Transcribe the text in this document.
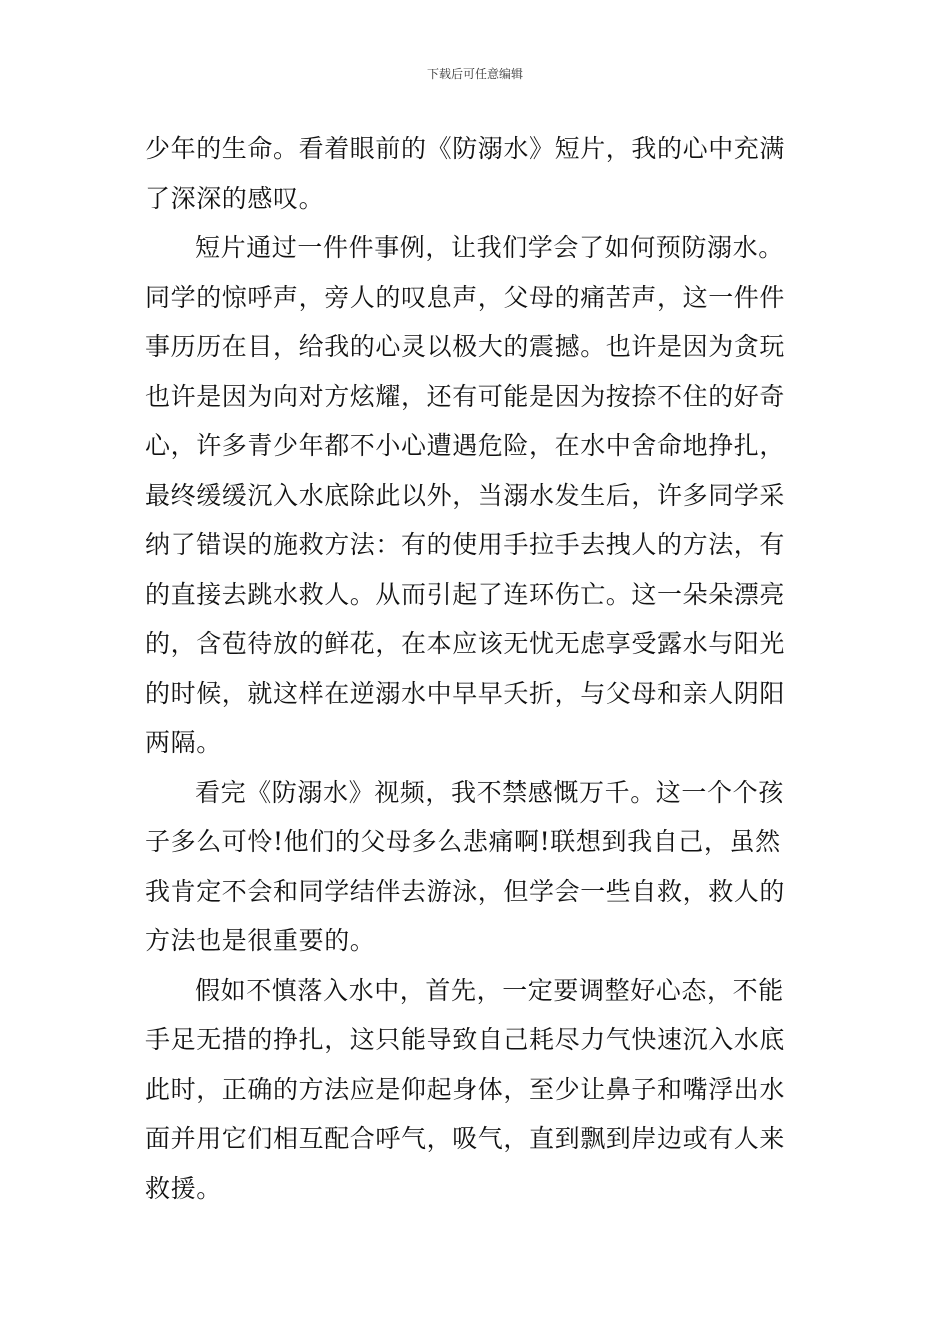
下载后可任意编辑
少年的生命。看着眼前的《防溺水》短片，我的心中充满
了深深的感叹。
短片通过一件件事例，让我们学会了如何预防溺水。
同学的惊呼声，旁人的叹息声，父母的痛苦声，这一件件
事历历在目，给我的心灵以极大的震撼。也许是因为贪玩
也许是因为向对方炫耀，还有可能是因为按捺不住的好奇
心，许多青少年都不小心遭遇危险，在水中舍命地挣扎，
最终缓缓沉入水底除此以外，当溺水发生后，许多同学采
纳了错误的施救方法：有的使用手拉手去拽人的方法，有
的直接去跳水救人。从而引起了连环伤亡。这一朵朵漂亮
的，含苞待放的鲜花，在本应该无忧无虑享受露水与阳光
的时候，就这样在逆溺水中早早夭折，与父母和亲人阴阳
两隔。
看完《防溺水》视频，我不禁感慨万千。这一个个孩
子多么可怜!他们的父母多么悲痛啊!联想到我自己，虽然
我肯定不会和同学结伴去游泳，但学会一些自救，救人的
方法也是很重要的。
假如不慎落入水中，首先，一定要调整好心态，不能
手足无措的挣扎，这只能导致自己耗尽力气快速沉入水底
此时，正确的方法应是仰起身体，至少让鼻子和嘴浮出水
面并用它们相互配合呼气，吸气，直到飘到岸边或有人来
救援。
